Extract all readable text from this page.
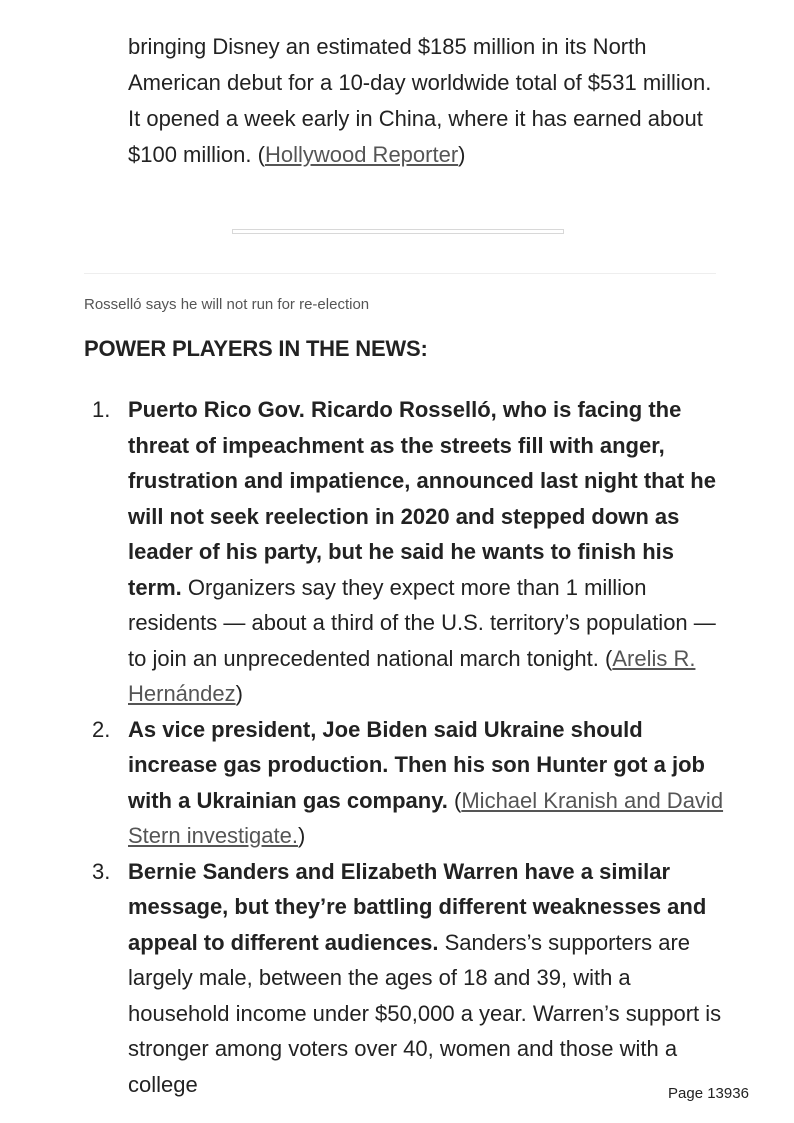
bringing Disney an estimated $185 million in its North American debut for a 10-day worldwide total of $531 million. It opened a week early in China, where it has earned about $100 million. (Hollywood Reporter)

Rosselló says he will not run for re-election

POWER PLAYERS IN THE NEWS:
1. Puerto Rico Gov. Ricardo Rosselló, who is facing the threat of impeachment as the streets fill with anger, frustration and impatience, announced last night that he will not seek reelection in 2020 and stepped down as leader of his party, but he said he wants to finish his term. Organizers say they expect more than 1 million residents — about a third of the U.S. territory’s population — to join an unprecedented national march tonight. (Arelis R. Hernández)
2. As vice president, Joe Biden said Ukraine should increase gas production. Then his son Hunter got a job with a Ukrainian gas company. (Michael Kranish and David Stern investigate.)
3. Bernie Sanders and Elizabeth Warren have a similar message, but they’re battling different weaknesses and appeal to different audiences. Sanders’s supporters are largely male, between the ages of 18 and 39, with a household income under $50,000 a year. Warren’s support is stronger among voters over 40, women and those with a college	Page 13936
